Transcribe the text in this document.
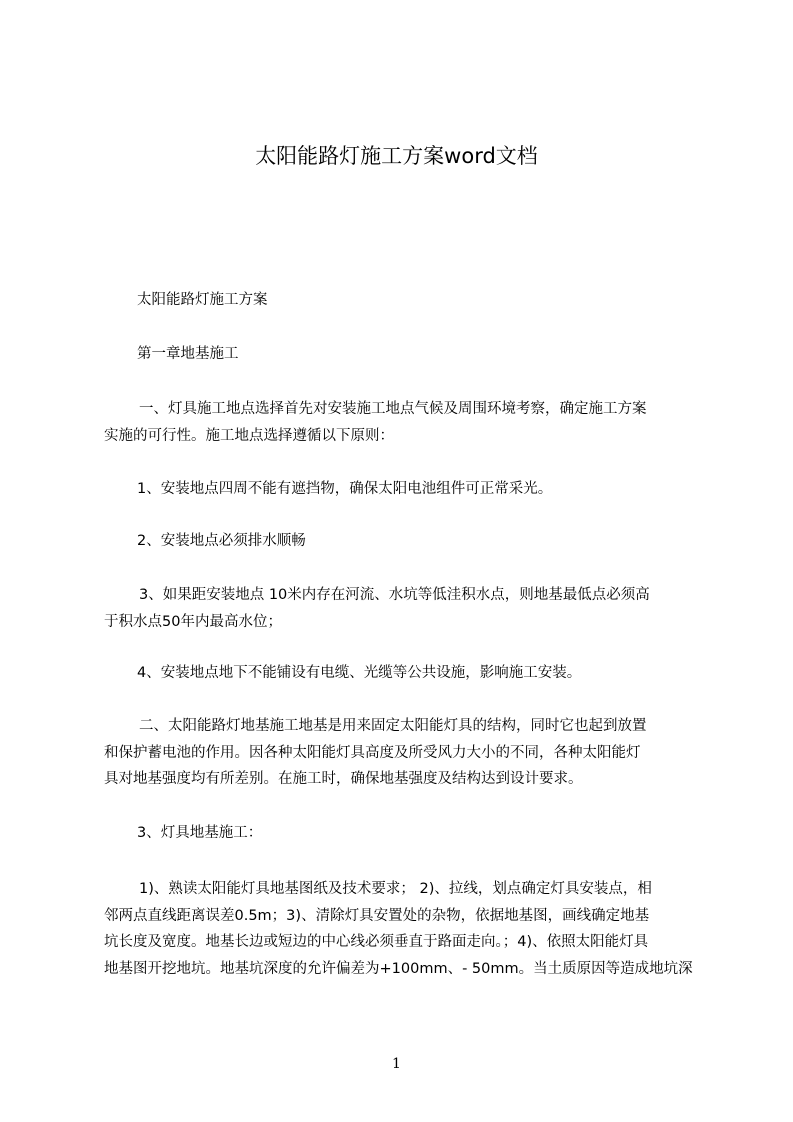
太阳能路灯施工方案word文档
太阳能路灯施工方案
第一章地基施工
一、灯具施工地点选择首先对安装施工地点气候及周围环境考察，确定施工方案
实施的可行性。施工地点选择遵循以下原则：
1、安装地点四周不能有遮挡物，确保太阳电池组件可正常采光。
2、安装地点必须排水顺畅
3、如果距安装地点 10米内存在河流、水坑等低洼积水点，则地基最低点必须高
于积水点50年内最高水位；
4、安装地点地下不能铺设有电缆、光缆等公共设施，影响施工安装。
二、太阳能路灯地基施工地基是用来固定太阳能灯具的结构，同时它也起到放置
和保护蓄电池的作用。因各种太阳能灯具高度及所受风力大小的不同，各种太阳能灯
具对地基强度均有所差别。在施工时，确保地基强度及结构达到设计要求。
3、灯具地基施工：
1)、熟读太阳能灯具地基图纸及技术要求； 2)、拉线，划点确定灯具安装点，相
邻两点直线距离误差0.5m；3)、清除灯具安置处的杂物，依据地基图，画线确定地基
坑长度及宽度。地基长边或短边的中心线必须垂直于路面走向。；4)、依照太阳能灯具
地基图开挖地坑。地基坑深度的允许偏差为+100mm、- 50mm。当土质原因等造成地坑深
1
